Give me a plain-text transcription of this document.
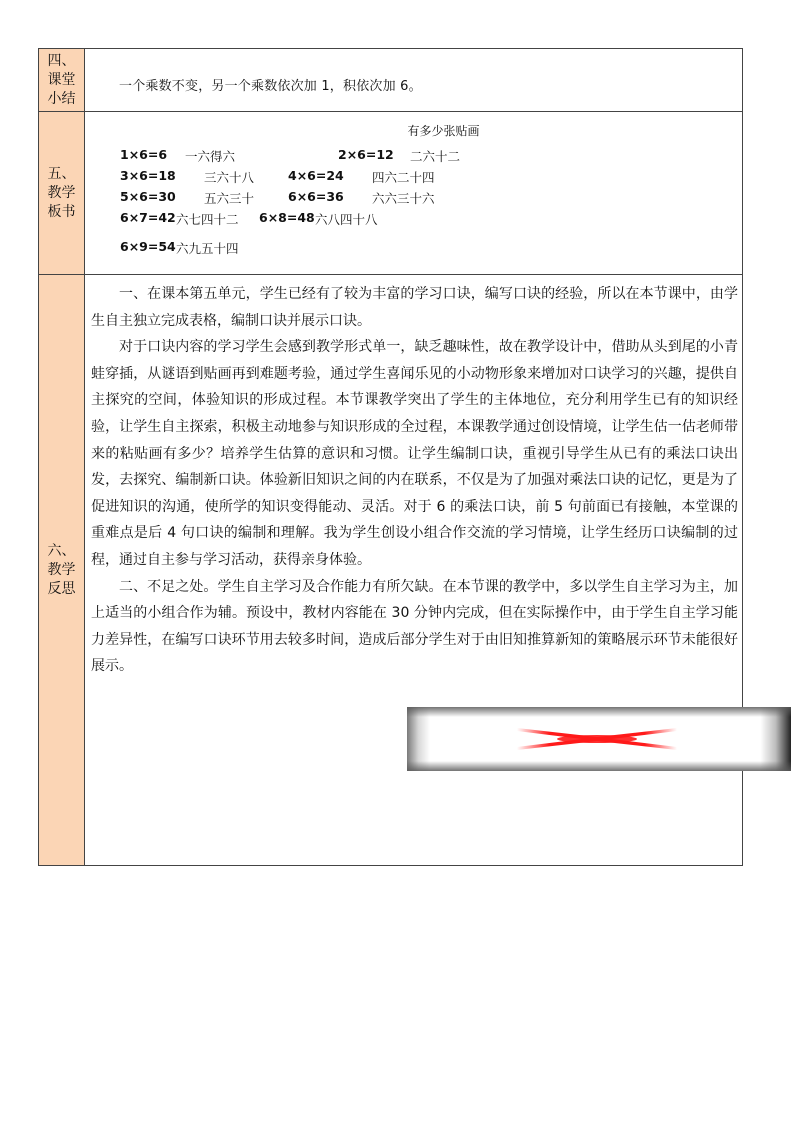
四、课堂小结
一个乘数不变，另一个乘数依次加 1，积依次加 6。
五、教学板书
有多少张贴画
1×6=6 一六得六	2×6=12 二六十二
3×6=18 三六十八	4×6=24 四六二十四
5×6=30 五六三十	6×6=36 六六三十六
6×7=42 六七四十二 6×8=48 六八四十八
6×9=54 六九五十四
六、教学反思

一、在课本第五单元，学生已经有了较为丰富的学习口诀，编写口诀的经验，所以在本节课中，由学生自主独立完成表格，编制口诀并展示口诀。

对于口诀内容的学习学生会感到教学形式单一，缺乏趣味性，故在教学设计中，借助从头到尾的小青蛙穿插，从谜语到贴画再到难题考验，通过学生喜闻乐见的小动物形象来增加对口诀学习的兴趣，提供自主探究的空间，体验知识的形成过程。本节课教学突出了学生的主体地位，充分利用学生已有的知识经验，让学生自主探索，积极主动地参与知识形成的全过程，本课教学通过创设情境，让学生估一估老师带来的粘贴画有多少？培养学生估算的意识和习惯。让学生编制口诀，重视引导学生从已有的乘法口诀出发，去探究、编制新口诀。体验新旧知识之间的内在联系，不仅是为了加强对乘法口诀的记忆，更是为了促进知识的沟通，使所学的知识变得能动、灵活。对于 6 的乘法口诀，前 5 句前面已有接触，本堂课的重难点是后 4 句口诀的编制和理解。我为学生创设小组合作交流的学习情境，让学生经历口诀编制的过程，通过自主参与学习活动，获得亲身体验。

二、不足之处。学生自主学习及合作能力有所欠缺。在本节课的教学中，多以学生自主学习为主，加上适当的小组合作为辅。预设中，教材内容能在 30 分钟内完成，但在实际操作中，由于学生自主学习能力差异性，在编写口诀环节用去较多时间，造成后部分学生对于由旧知推算新知的策略展示环节未能很好展示。
